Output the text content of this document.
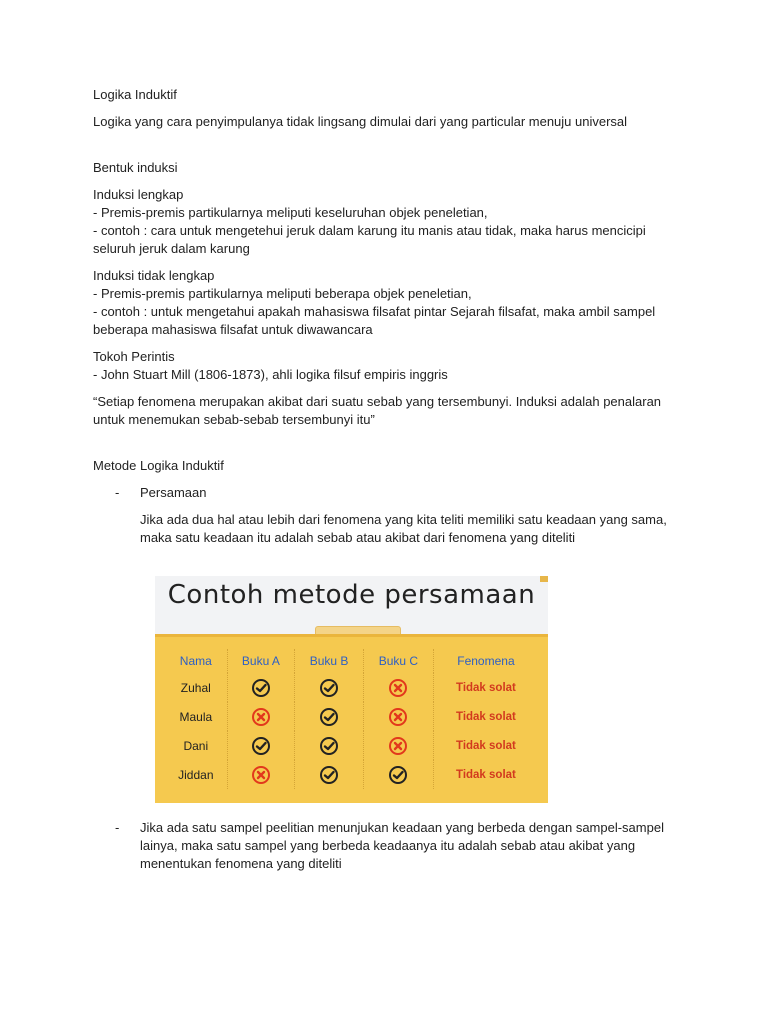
Logika Induktif

Logika yang cara penyimpulanya tidak lingsang dimulai dari yang particular menuju universal

Bentuk induksi

Induksi lengkap

- Premis-premis partikularnya meliputi keseluruhan objek peneletian,

- contoh : cara untuk mengetehui jeruk dalam karung itu manis atau tidak, maka harus mencicipi

seluruh jeruk dalam karung

Induksi tidak lengkap

- Premis-premis partikularnya meliputi beberapa objek peneletian,

- contoh : untuk mengetahui apakah mahasiswa filsafat pintar Sejarah filsafat, maka ambil sampel

beberapa mahasiswa filsafat untuk diwawancara

Tokoh Perintis

- John Stuart Mill (1806-1873), ahli logika filsuf empiris inggris

“Setiap fenomena merupakan akibat dari suatu sebab yang tersembunyi. Induksi adalah penalaran

untuk menemukan sebab-sebab tersembunyi itu”

Metode Logika Induktif

- Persamaan

Jika ada dua hal atau lebih dari fenomena yang kita teliti memiliki satu keadaan yang sama,

maka satu keadaan itu adalah sebab atau akibat dari fenomena yang diteliti

Contoh metode persamaan
Nama	Buku A	Buku B	Buku C	Fenomena
Zuhal				Tidak solat
Maula				Tidak solat
Dani				Tidak solat
Jiddan				Tidak solat
- Jika ada satu sampel peelitian menunjukan keadaan yang berbeda dengan sampel-sampel

lainya, maka satu sampel yang berbeda keadaanya itu adalah sebab atau akibat yang

menentukan fenomena yang diteliti
